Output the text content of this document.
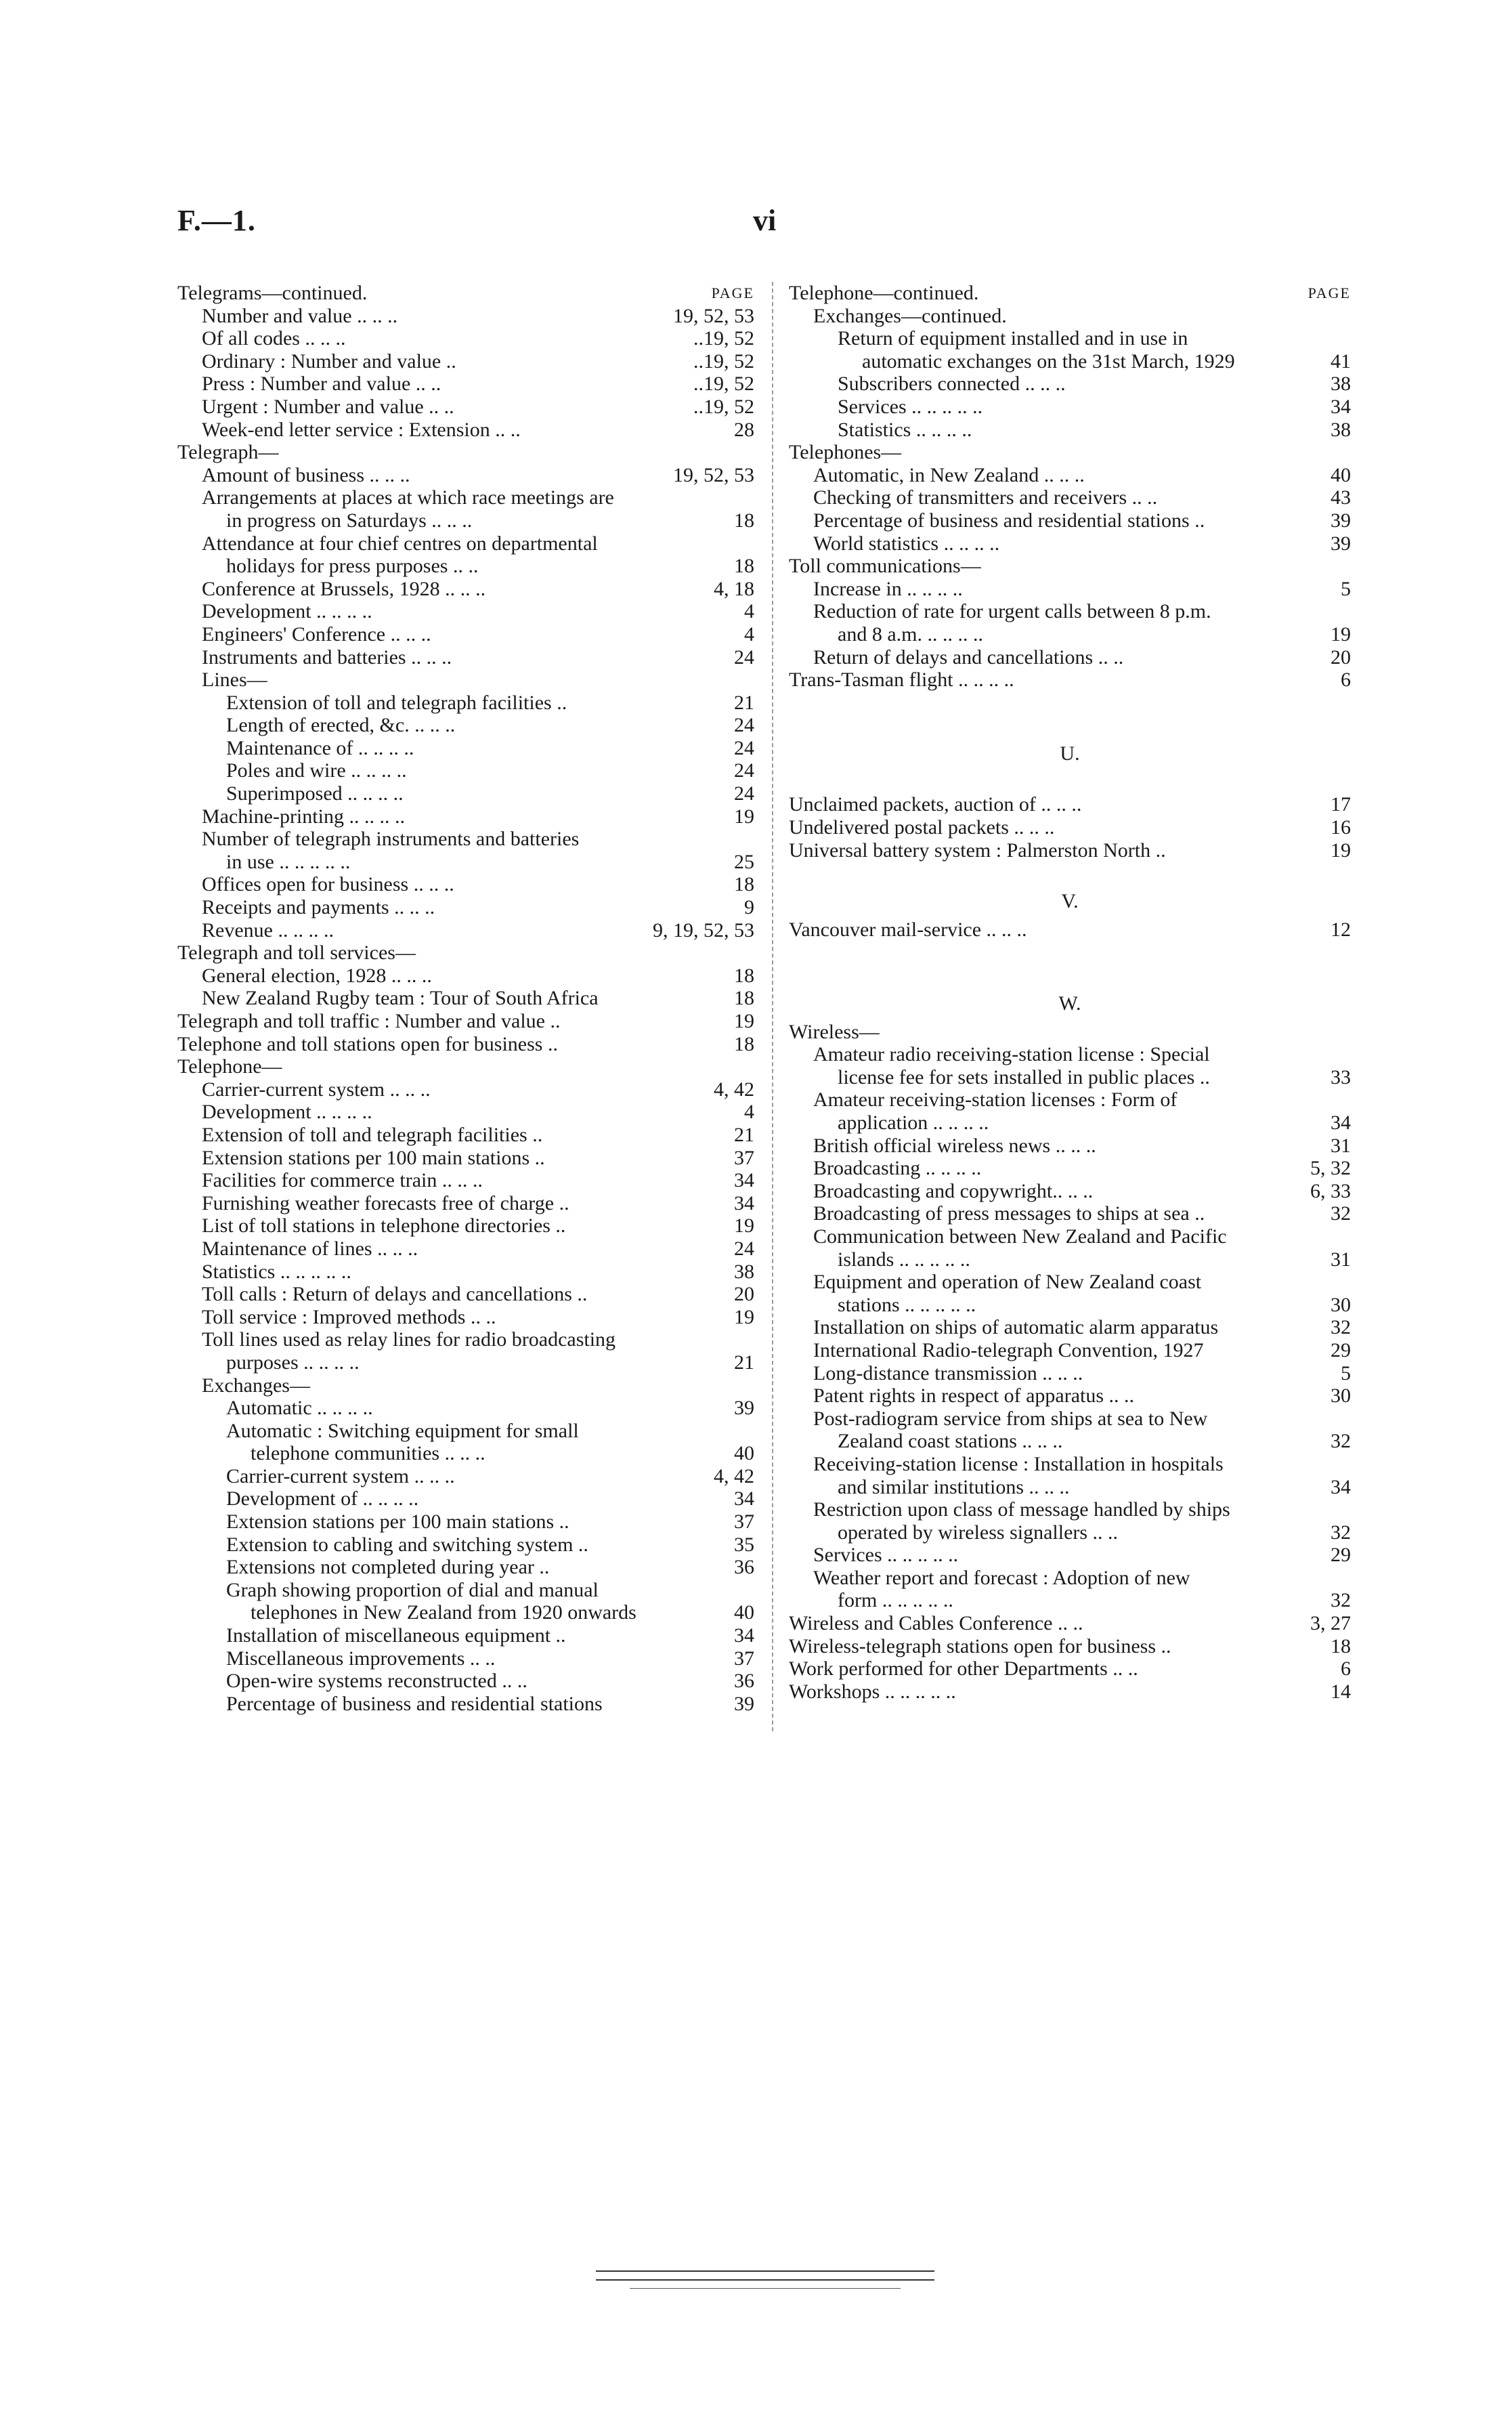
F.—1.	vi
PAGE
Telegrams—continued.
Number and value .. .. ..	19, 52, 53
Of all codes .. .. ..	..19, 52
Ordinary : Number and value ..	..19, 52
Press : Number and value .. ..	..19, 52
Urgent : Number and value .. ..	..19, 52
Week-end letter service : Extension .. ..	28
Telegraph—
Amount of business .. .. ..	19, 52, 53
Arrangements at places at which race meetings are
in progress on Saturdays .. .. ..	18
Attendance at four chief centres on departmental
holidays for press purposes .. ..	18
Conference at Brussels, 1928 .. .. ..	4, 18
Development .. .. .. ..	4
Engineers' Conference .. .. ..	4
Instruments and batteries .. .. ..	24
Lines—
Extension of toll and telegraph facilities ..	21
Length of erected, &c. .. .. ..	24
Maintenance of .. .. .. ..	24
Poles and wire .. .. .. ..	24
Superimposed .. .. .. ..	24
Machine-printing .. .. .. ..	19
Number of telegraph instruments and batteries
in use .. .. .. .. ..	25
Offices open for business .. .. ..	18
Receipts and payments .. .. ..	9
Revenue .. .. .. ..	9, 19, 52, 53
Telegraph and toll services—
General election, 1928 .. .. ..	18
New Zealand Rugby team : Tour of South Africa	18
Telegraph and toll traffic : Number and value ..	19
Telephone and toll stations open for business ..	18
Telephone—
Carrier-current system .. .. ..	4, 42
Development .. .. .. ..	4
Extension of toll and telegraph facilities ..	21
Extension stations per 100 main stations ..	37
Facilities for commerce train .. .. ..	34
Furnishing weather forecasts free of charge ..	34
List of toll stations in telephone directories ..	19
Maintenance of lines .. .. ..	24
Statistics .. .. .. .. ..	38
Toll calls : Return of delays and cancellations ..	20
Toll service : Improved methods .. ..	19
Toll lines used as relay lines for radio broadcasting
purposes .. .. .. ..	21
Exchanges—
Automatic .. .. .. ..	39
Automatic : Switching equipment for small
telephone communities .. .. ..	40
Carrier-current system .. .. ..	4, 42
Development of .. .. .. ..	34
Extension stations per 100 main stations ..	37
Extension to cabling and switching system ..	35
Extensions not completed during year ..	36
Graph showing proportion of dial and manual
telephones in New Zealand from 1920 onwards	40
Installation of miscellaneous equipment ..	34
Miscellaneous improvements .. ..	37
Open-wire systems reconstructed .. ..	36
Percentage of business and residential stations	39
PAGE
Telephone—continued.
Exchanges—continued.
Return of equipment installed and in use in
automatic exchanges on the 31st March, 1929	41
Subscribers connected .. .. ..	38
Services .. .. .. .. ..	34
Statistics .. .. .. ..	38
Telephones—
Automatic, in New Zealand .. .. ..	40
Checking of transmitters and receivers .. ..	43
Percentage of business and residential stations ..	39
World statistics .. .. .. ..	39
Toll communications—
Increase in .. .. .. ..	5
Reduction of rate for urgent calls between 8 p.m.
and 8 a.m. .. .. .. ..	19
Return of delays and cancellations .. ..	20
Trans-Tasman flight .. .. .. ..	6
U.
Unclaimed packets, auction of .. .. ..	17
Undelivered postal packets .. .. ..	16
Universal battery system : Palmerston North ..	19
V.
Vancouver mail-service .. .. ..	12
W.
Wireless—
Amateur radio receiving-station license : Special
license fee for sets installed in public places ..	33
Amateur receiving-station licenses : Form of
application .. .. .. ..	34
British official wireless news .. .. ..	31
Broadcasting .. .. .. ..	5, 32
Broadcasting and copywright.. .. ..	6, 33
Broadcasting of press messages to ships at sea ..	32
Communication between New Zealand and Pacific
islands .. .. .. .. ..	31
Equipment and operation of New Zealand coast
stations .. .. .. .. ..	30
Installation on ships of automatic alarm apparatus	32
International Radio-telegraph Convention, 1927	29
Long-distance transmission .. .. ..	5
Patent rights in respect of apparatus .. ..	30
Post-radiogram service from ships at sea to New
Zealand coast stations .. .. ..	32
Receiving-station license : Installation in hospitals
and similar institutions .. .. ..	34
Restriction upon class of message handled by ships
operated by wireless signallers .. ..	32
Services .. .. .. .. ..	29
Weather report and forecast : Adoption of new
form .. .. .. .. ..	32
Wireless and Cables Conference .. ..	3, 27
Wireless-telegraph stations open for business ..	18
Work performed for other Departments .. ..	6
Workshops .. .. .. .. ..	14
